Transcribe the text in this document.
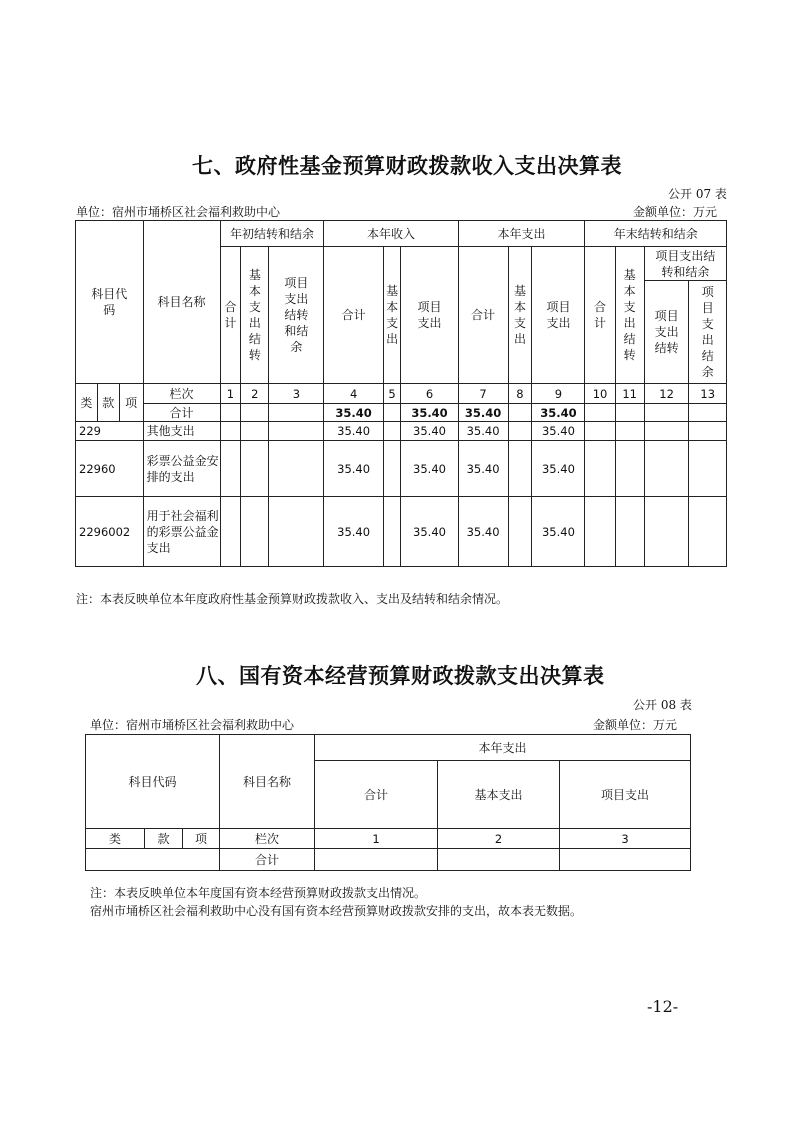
七、政府性基金预算财政拨款收入支出决算表
公开 07 表
单位：宿州市埇桥区社会福利救助中心	金额单位：万元
科目代码			科目名称	年初结转和结余			本年收入			本年支出			年末结转和结余			

				合计	基本支出结转	项目支出结转和结余	合计	基本支出	项目支出	合计	基本支出	项目支出	合计	基本支出结转	项目支出结转和结余	

															项目支出结转	项目支出结余

类	款	项	栏次	1	2	3	4	5	6	7	8	9	10	11	12	13
			合计				35.40		35.40	35.40		35.40				
229			其他支出				35.40		35.40	35.40		35.40				
22960			彩票公益金安排的支出				35.40		35.40	35.40		35.40				
2296002			用于社会福利的彩票公益金支出				35.40		35.40	35.40		35.40				
注：本表反映单位本年度政府性基金预算财政拨款收入、支出及结转和结余情况。
八、国有资本经营预算财政拨款支出决算表
公开 08 表
单位：宿州市埇桥区社会福利救助中心	金额单位：万元
科目代码			科目名称	本年支出		
				合计	基本支出	项目支出
类	款	项	栏次	1	2	3
			合计			
注：本表反映单位本年度国有资本经营预算财政拨款支出情况。
宿州市埇桥区社会福利救助中心没有国有资本经营预算财政拨款安排的支出，故本表无数据。
-12-
